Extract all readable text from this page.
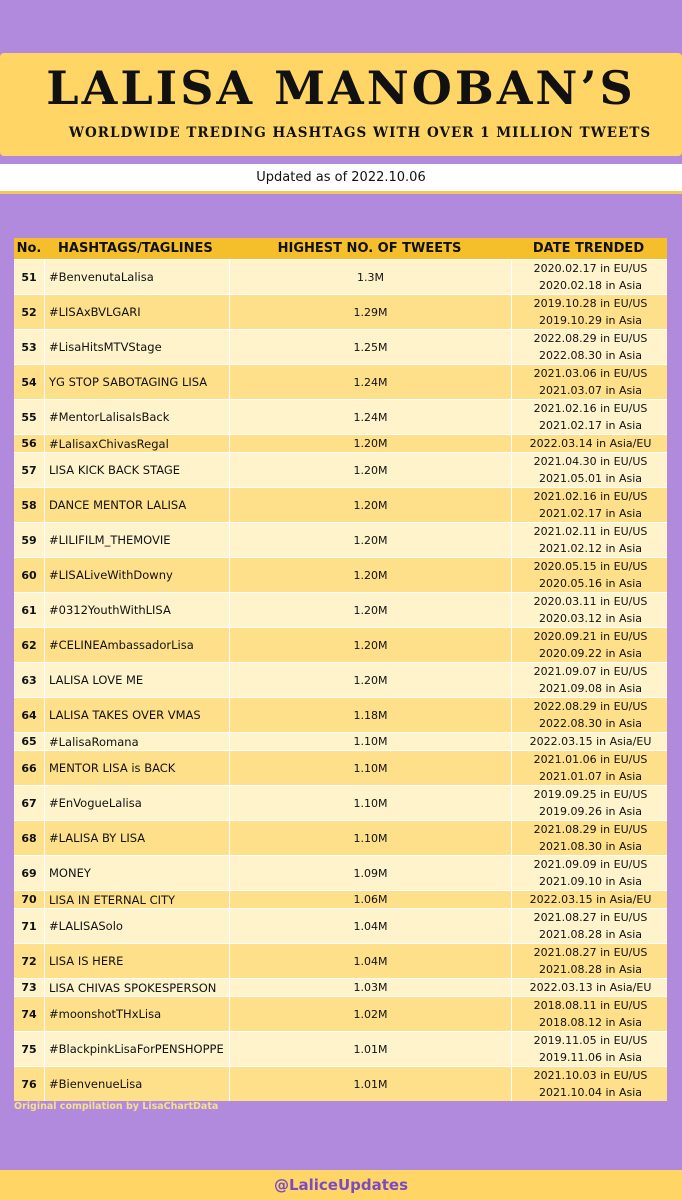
LALISA MANOBAN’S
WORLDWIDE TREDING HASHTAGS WITH OVER 1 MILLION TWEETS
Updated as of 2022.10.06
No.	HASHTAGS/TAGLINES	HIGHEST NO. OF TWEETS	DATE TRENDED
51	#BenvenutaLalisa	1.3M
2020.02.17 in EU/US
2020.02.18 in Asia
52	#LISAxBVLGARI	1.29M
2019.10.28 in EU/US
2019.10.29 in Asia
53	#LisaHitsMTVStage	1.25M
2022.08.29 in EU/US
2022.08.30 in Asia
54	YG STOP SABOTAGING LISA	1.24M
2021.03.06 in EU/US
2021.03.07 in Asia
55	#MentorLalisaIsBack	1.24M
2021.02.16 in EU/US
2021.02.17 in Asia
56	#LalisaxChivasRegal	1.20M	2022.03.14 in Asia/EU
57	LISA KICK BACK STAGE	1.20M
2021.04.30 in EU/US
2021.05.01 in Asia
58	DANCE MENTOR LALISA	1.20M
2021.02.16 in EU/US
2021.02.17 in Asia
59	#LILIFILM_THEMOVIE	1.20M
2021.02.11 in EU/US
2021.02.12 in Asia
60	#LISALiveWithDowny	1.20M
2020.05.15 in EU/US
2020.05.16 in Asia
61	#0312YouthWithLISA	1.20M
2020.03.11 in EU/US
2020.03.12 in Asia
62	#CELINEAmbassadorLisa	1.20M
2020.09.21 in EU/US
2020.09.22 in Asia
63	LALISA LOVE ME	1.20M
2021.09.07 in EU/US
2021.09.08 in Asia
64	LALISA TAKES OVER VMAS	1.18M
2022.08.29 in EU/US
2022.08.30 in Asia
65	#LalisaRomana	1.10M	2022.03.15 in Asia/EU
66	MENTOR LISA is BACK	1.10M
2021.01.06 in EU/US
2021.01.07 in Asia
67	#EnVogueLalisa	1.10M
2019.09.25 in EU/US
2019.09.26 in Asia
68	#LALISA BY LISA	1.10M
2021.08.29 in EU/US
2021.08.30 in Asia
69	MONEY	1.09M
2021.09.09 in EU/US
2021.09.10 in Asia
70	LISA IN ETERNAL CITY	1.06M	2022.03.15 in Asia/EU
71	#LALISASolo	1.04M
2021.08.27 in EU/US
2021.08.28 in Asia
72	LISA IS HERE	1.04M
2021.08.27 in EU/US
2021.08.28 in Asia
73	LISA CHIVAS SPOKESPERSON	1.03M	2022.03.13 in Asia/EU
74	#moonshotTHxLisa	1.02M
2018.08.11 in EU/US
2018.08.12 in Asia
75	#BlackpinkLisaForPENSHOPPE	1.01M
2019.11.05 in EU/US
2019.11.06 in Asia
76	#BienvenueLisa	1.01M
2021.10.03 in EU/US
2021.10.04 in Asia
Original compilation by LisaChartData
@LaliceUpdates
